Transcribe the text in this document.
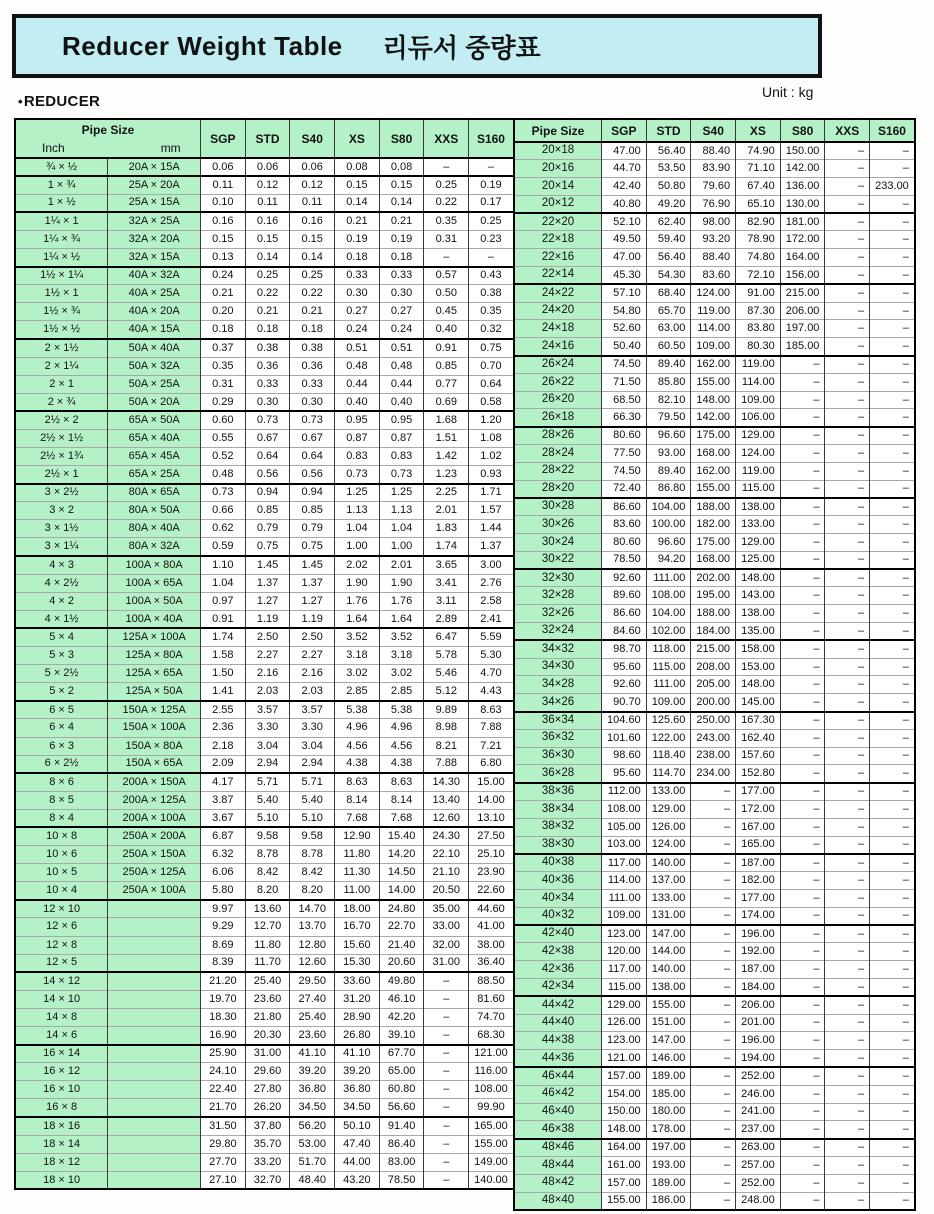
Reducer Weight Table 리듀서 중량표
•REDUCER
Unit : kg
Pipe Size
Inch mm		SGP	STD	S40	XS	S80	XXS	S160
¾ × ½	20A × 15A	0.06	0.06	0.06	0.08	0.08	–	–
1 × ¾	25A × 20A	0.11	0.12	0.12	0.15	0.15	0.25	0.19
1 × ½	25A × 15A	0.10	0.11	0.11	0.14	0.14	0.22	0.17
1¼ × 1	32A × 25A	0.16	0.16	0.16	0.21	0.21	0.35	0.25
1¼ × ¾	32A × 20A	0.15	0.15	0.15	0.19	0.19	0.31	0.23
1¼ × ½	32A × 15A	0.13	0.14	0.14	0.18	0.18	–	–
1½ × 1¼	40A × 32A	0.24	0.25	0.25	0.33	0.33	0.57	0.43
1½ × 1	40A × 25A	0.21	0.22	0.22	0.30	0.30	0.50	0.38
1½ × ¾	40A × 20A	0.20	0.21	0.21	0.27	0.27	0.45	0.35
1½ × ½	40A × 15A	0.18	0.18	0.18	0.24	0.24	0.40	0.32
2 × 1½	50A × 40A	0.37	0.38	0.38	0.51	0.51	0.91	0.75
2 × 1¼	50A × 32A	0.35	0.36	0.36	0.48	0.48	0.85	0.70
2 × 1	50A × 25A	0.31	0.33	0.33	0.44	0.44	0.77	0.64
2 × ¾	50A × 20A	0.29	0.30	0.30	0.40	0.40	0.69	0.58
2½ × 2	65A × 50A	0.60	0.73	0.73	0.95	0.95	1.68	1.20
2½ × 1½	65A × 40A	0.55	0.67	0.67	0.87	0.87	1.51	1.08
2½ × 1¾	65A × 45A	0.52	0.64	0.64	0.83	0.83	1.42	1.02
2½ × 1	65A × 25A	0.48	0.56	0.56	0.73	0.73	1.23	0.93
3 × 2½	80A × 65A	0.73	0.94	0.94	1.25	1.25	2.25	1.71
3 × 2	80A × 50A	0.66	0.85	0.85	1.13	1.13	2.01	1.57
3 × 1½	80A × 40A	0.62	0.79	0.79	1.04	1.04	1.83	1.44
3 × 1¼	80A × 32A	0.59	0.75	0.75	1.00	1.00	1.74	1.37
4 × 3	100A × 80A	1.10	1.45	1.45	2.02	2.01	3.65	3.00
4 × 2½	100A × 65A	1.04	1.37	1.37	1.90	1.90	3.41	2.76
4 × 2	100A × 50A	0.97	1.27	1.27	1.76	1.76	3.11	2.58
4 × 1½	100A × 40A	0.91	1.19	1.19	1.64	1.64	2.89	2.41
5 × 4	125A × 100A	1.74	2.50	2.50	3.52	3.52	6.47	5.59
5 × 3	125A × 80A	1.58	2.27	2.27	3.18	3.18	5.78	5.30
5 × 2½	125A × 65A	1.50	2.16	2.16	3.02	3.02	5.46	4.70
5 × 2	125A × 50A	1.41	2.03	2.03	2.85	2.85	5.12	4.43
6 × 5	150A × 125A	2.55	3.57	3.57	5.38	5.38	9.89	8.63
6 × 4	150A × 100A	2.36	3.30	3.30	4.96	4.96	8.98	7.88
6 × 3	150A × 80A	2.18	3.04	3.04	4.56	4.56	8.21	7.21
6 × 2½	150A × 65A	2.09	2.94	2.94	4.38	4.38	7.88	6.80
8 × 6	200A × 150A	4.17	5.71	5.71	8.63	8.63	14.30	15.00
8 × 5	200A × 125A	3.87	5.40	5.40	8.14	8.14	13.40	14.00
8 × 4	200A × 100A	3.67	5.10	5.10	7.68	7.68	12.60	13.10
10 × 8	250A × 200A	6.87	9.58	9.58	12.90	15.40	24.30	27.50
10 × 6	250A × 150A	6.32	8.78	8.78	11.80	14.20	22.10	25.10
10 × 5	250A × 125A	6.06	8.42	8.42	11.30	14.50	21.10	23.90
10 × 4	250A × 100A	5.80	8.20	8.20	11.00	14.00	20.50	22.60
12 × 10		9.97	13.60	14.70	18.00	24.80	35.00	44.60
12 × 6		9.29	12.70	13.70	16.70	22.70	33.00	41.00
12 × 8		8.69	11.80	12.80	15.60	21.40	32.00	38.00
12 × 5		8.39	11.70	12.60	15.30	20.60	31.00	36.40
14 × 12		21.20	25.40	29.50	33.60	49.80	–	88.50
14 × 10		19.70	23.60	27.40	31.20	46.10	–	81.60
14 × 8		18.30	21.80	25.40	28.90	42.20	–	74.70
14 × 6		16.90	20.30	23.60	26.80	39.10	–	68.30
16 × 14		25.90	31.00	41.10	41.10	67.70	–	121.00
16 × 12		24.10	29.60	39.20	39.20	65.00	–	116.00
16 × 10		22.40	27.80	36.80	36.80	60.80	–	108.00
16 × 8		21.70	26.20	34.50	34.50	56.60	–	99.90
18 × 16		31.50	37.80	56.20	50.10	91.40	–	165.00
18 × 14		29.80	35.70	53.00	47.40	86.40	–	155.00
18 × 12		27.70	33.20	51.70	44.00	83.00	–	149.00
18 × 10		27.10	32.70	48.40	43.20	78.50	–	140.00
Pipe Size	SGP	STD	S40	XS	S80	XXS	S160
20×18	47.00	56.40	88.40	74.90	150.00	–	–
20×16	44.70	53.50	83.90	71.10	142.00	–	–
20×14	42.40	50.80	79.60	67.40	136.00	–	233.00
20×12	40.80	49.20	76.90	65.10	130.00	–	–
22×20	52.10	62.40	98.00	82.90	181.00	–	–
22×18	49.50	59.40	93.20	78.90	172.00	–	–
22×16	47.00	56.40	88.40	74.80	164.00	–	–
22×14	45.30	54.30	83.60	72.10	156.00	–	–
24×22	57.10	68.40	124.00	91.00	215.00	–	–
24×20	54.80	65.70	119.00	87.30	206.00	–	–
24×18	52.60	63.00	114.00	83.80	197.00	–	–
24×16	50.40	60.50	109.00	80.30	185.00	–	–
26×24	74.50	89.40	162.00	119.00	–	–	–
26×22	71.50	85.80	155.00	114.00	–	–	–
26×20	68.50	82.10	148.00	109.00	–	–	–
26×18	66.30	79.50	142.00	106.00	–	–	–
28×26	80.60	96.60	175.00	129.00	–	–	–
28×24	77.50	93.00	168.00	124.00	–	–	–
28×22	74.50	89.40	162.00	119.00	–	–	–
28×20	72.40	86.80	155.00	115.00	–	–	–
30×28	86.60	104.00	188.00	138.00	–	–	–
30×26	83.60	100.00	182.00	133.00	–	–	–
30×24	80.60	96.60	175.00	129.00	–	–	–
30×22	78.50	94.20	168.00	125.00	–	–	–
32×30	92.60	111.00	202.00	148.00	–	–	–
32×28	89.60	108.00	195.00	143.00	–	–	–
32×26	86.60	104.00	188.00	138.00	–	–	–
32×24	84.60	102.00	184.00	135.00	–	–	–
34×32	98.70	118.00	215.00	158.00	–	–	–
34×30	95.60	115.00	208.00	153.00	–	–	–
34×28	92.60	111.00	205.00	148.00	–	–	–
34×26	90.70	109.00	200.00	145.00	–	–	–
36×34	104.60	125.60	250.00	167.30	–	–	–
36×32	101.60	122.00	243.00	162.40	–	–	–
36×30	98.60	118.40	238.00	157.60	–	–	–
36×28	95.60	114.70	234.00	152.80	–	–	–
38×36	112.00	133.00	–	177.00	–	–	–
38×34	108.00	129.00	–	172.00	–	–	–
38×32	105.00	126.00	–	167.00	–	–	–
38×30	103.00	124.00	–	165.00	–	–	–
40×38	117.00	140.00	–	187.00	–	–	–
40×36	114.00	137.00	–	182.00	–	–	–
40×34	111.00	133.00	–	177.00	–	–	–
40×32	109.00	131.00	–	174.00	–	–	–
42×40	123.00	147.00	–	196.00	–	–	–
42×38	120.00	144.00	–	192.00	–	–	–
42×36	117.00	140.00	–	187.00	–	–	–
42×34	115.00	138.00	–	184.00	–	–	–
44×42	129.00	155.00	–	206.00	–	–	–
44×40	126.00	151.00	–	201.00	–	–	–
44×38	123.00	147.00	–	196.00	–	–	–
44×36	121.00	146.00	–	194.00	–	–	–
46×44	157.00	189.00	–	252.00	–	–	–
46×42	154.00	185.00	–	246.00	–	–	–
46×40	150.00	180.00	–	241.00	–	–	–
46×38	148.00	178.00	–	237.00	–	–	–
48×46	164.00	197.00	–	263.00	–	–	–
48×44	161.00	193.00	–	257.00	–	–	–
48×42	157.00	189.00	–	252.00	–	–	–
48×40	155.00	186.00	–	248.00	–	–	–
